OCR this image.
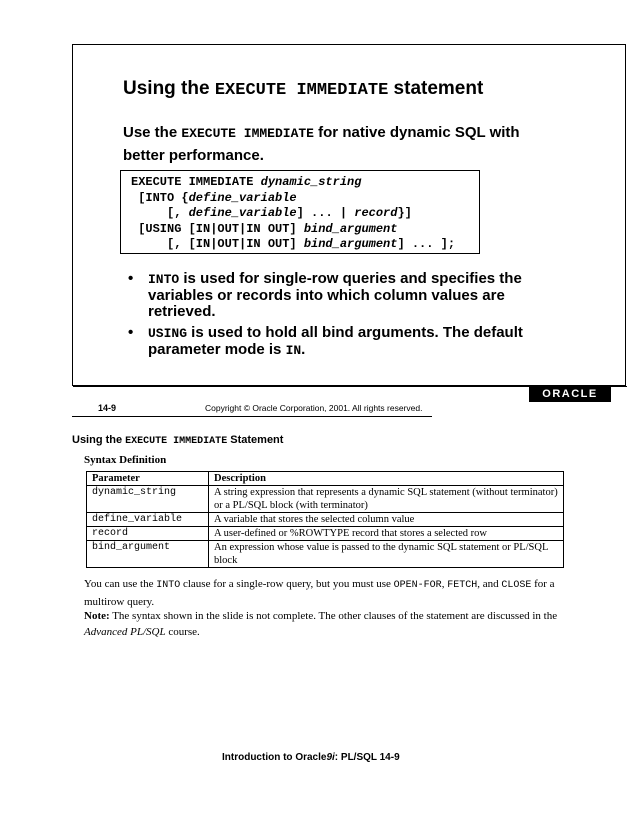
Using the EXECUTE IMMEDIATE statement
Use the EXECUTE IMMEDIATE for native dynamic SQL with better performance.
EXECUTE IMMEDIATE dynamic_string
[INTO {define_variable
[, define_variable] ... | record}]
[USING [IN|OUT|IN OUT] bind_argument
[, [IN|OUT|IN OUT] bind_argument] ... ];
• INTO is used for single-row queries and specifies the variables or records into which column values are retrieved.
• USING is used to hold all bind arguments. The default parameter mode is IN.
ORACLE
14-9	Copyright © Oracle Corporation, 2001. All rights reserved.
Using the EXECUTE IMMEDIATE Statement
Syntax Definition
Parameter	Description
dynamic_string	A string expression that represents a dynamic SQL statement (without terminator) or a PL/SQL block (with terminator)
define_variable	A variable that stores the selected column value
record	A user-defined or %ROWTYPE record that stores a selected row
bind_argument	An expression whose value is passed to the dynamic SQL statement or PL/SQL block
You can use the INTO clause for a single-row query, but you must use OPEN-FOR, FETCH, and CLOSE for a multirow query.
Note: The syntax shown in the slide is not complete. The other clauses of the statement are discussed in the Advanced PL/SQL course.
Introduction to Oracle9i: PL/SQL 14-9
